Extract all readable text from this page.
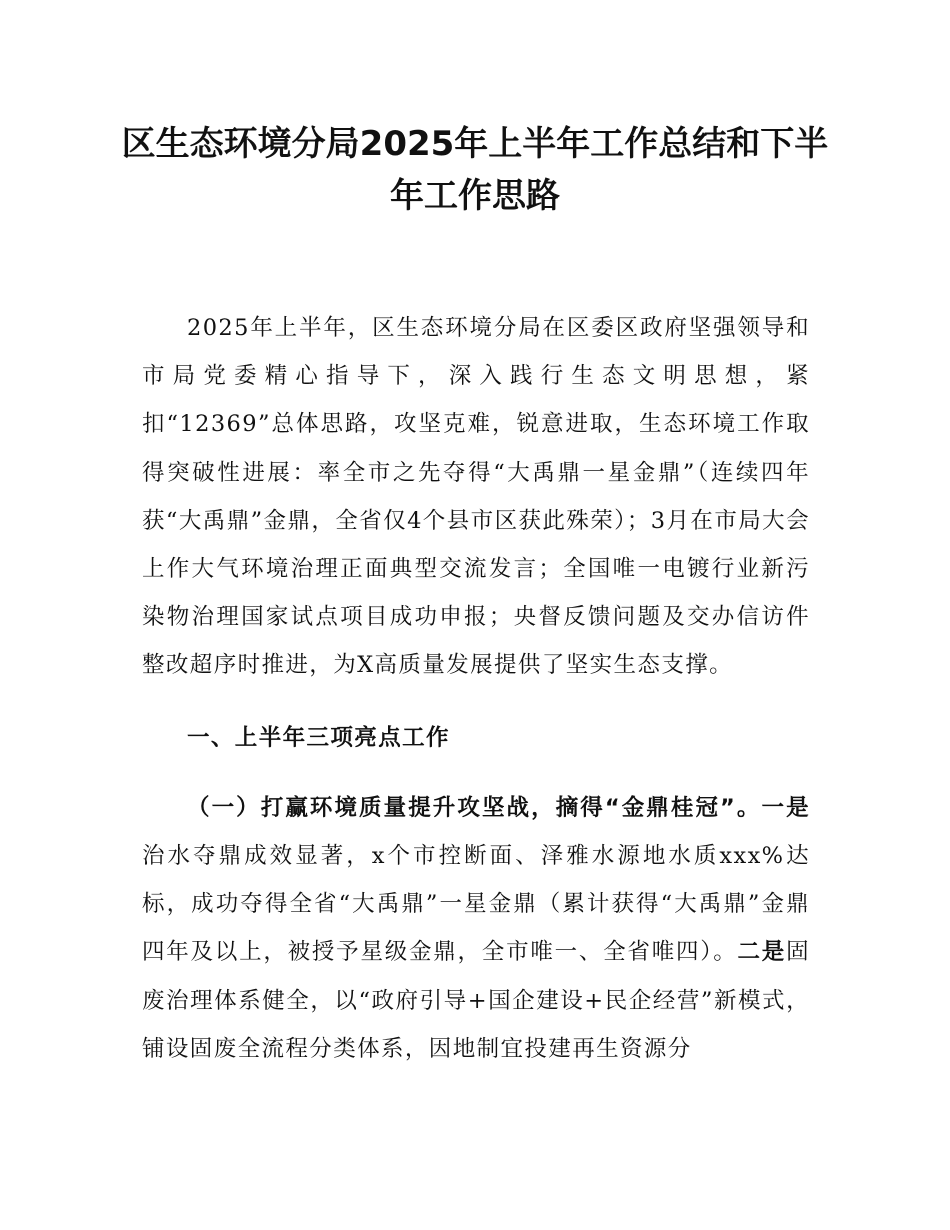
区生态环境分局2025年上半年工作总结和下半年工作思路

2025年上半年，区生态环境分局在区委区政府坚强领导和市局党委精心指导下，深入践行生态文明思想，紧扣“12369”总体思路，攻坚克难，锐意进取，生态环境工作取得突破性进展：率全市之先夺得“大禹鼎一星金鼎”（连续四年获“大禹鼎”金鼎，全省仅4个县市区获此殊荣）；3月在市局大会上作大气环境治理正面典型交流发言；全国唯一电镀行业新污染物治理国家试点项目成功申报；央督反馈问题及交办信访件整改超序时推进，为X高质量发展提供了坚实生态支撑。

一、上半年三项亮点工作

（一）打赢环境质量提升攻坚战，摘得“金鼎桂冠”。一是治水夺鼎成效显著，x个市控断面、泽雅水源地水质xxx%达标，成功夺得全省“大禹鼎”一星金鼎（累计获得“大禹鼎”金鼎四年及以上，被授予星级金鼎，全市唯一、全省唯四）。二是固废治理体系健全，以“政府引导+国企建设+民企经营”新模式，铺设固废全流程分类体系，因地制宜投建再生资源分
